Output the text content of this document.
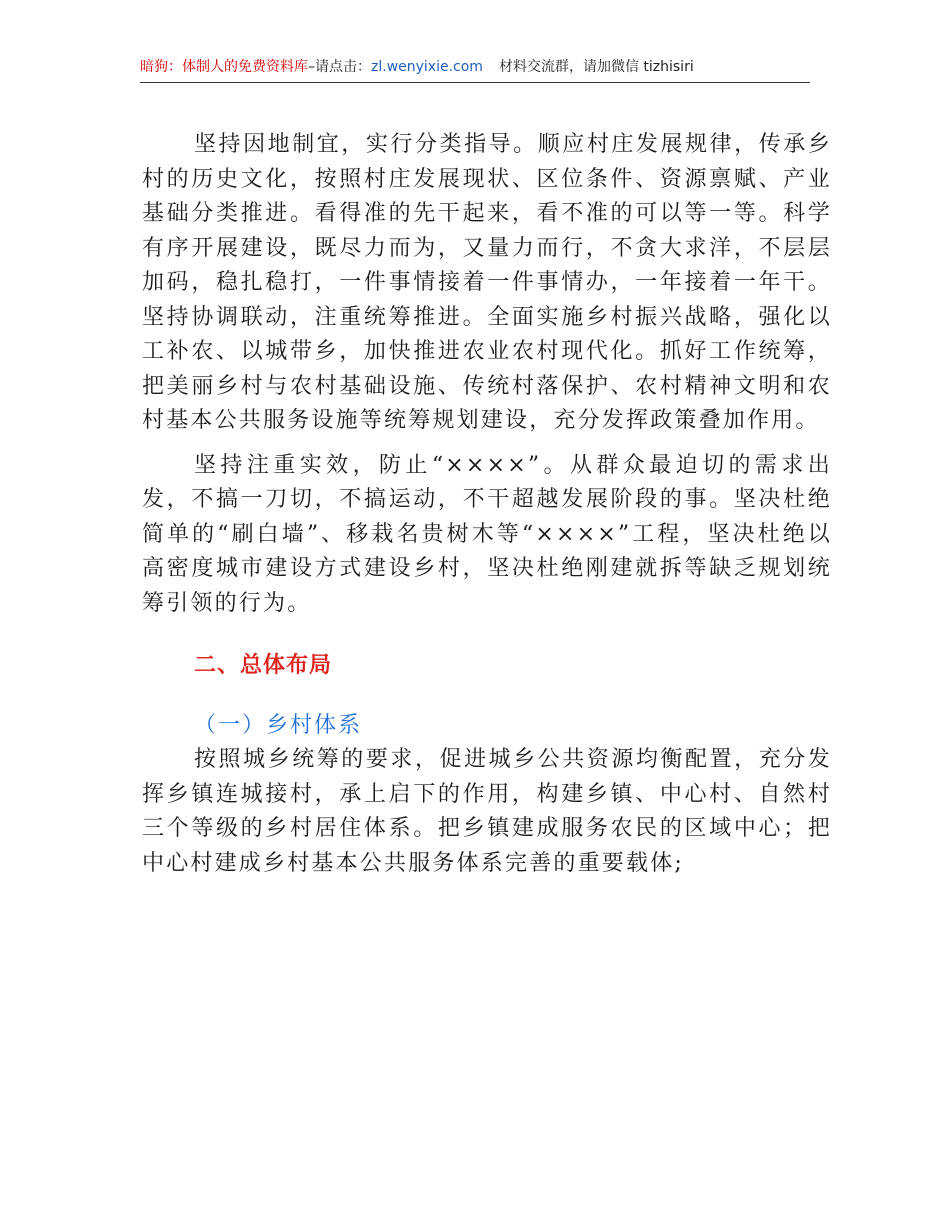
暗狗：体制人的免费资料库–请点击：zl.wenyixie.com 材料交流群，请加微信 tizhisiri

坚持因地制宜，实行分类指导。顺应村庄发展规律，传承乡村的历史文化，按照村庄发展现状、区位条件、资源禀赋、产业基础分类推进。看得准的先干起来，看不准的可以等一等。科学有序开展建设，既尽力而为，又量力而行，不贪大求洋，不层层加码，稳扎稳打，一件事情接着一件事情办，一年接着一年干。坚持协调联动，注重统筹推进。全面实施乡村振兴战略，强化以工补农、以城带乡，加快推进农业农村现代化。抓好工作统筹，把美丽乡村与农村基础设施、传统村落保护、农村精神文明和农村基本公共服务设施等统筹规划建设，充分发挥政策叠加作用。

坚持注重实效，防止“××××”。从群众最迫切的需求出发，不搞一刀切，不搞运动，不干超越发展阶段的事。坚决杜绝简单的“刷白墙”、移栽名贵树木等“××××”工程，坚决杜绝以高密度城市建设方式建设乡村，坚决杜绝刚建就拆等缺乏规划统筹引领的行为。

二、总体布局
（一）乡村体系

按照城乡统筹的要求，促进城乡公共资源均衡配置，充分发挥乡镇连城接村，承上启下的作用，构建乡镇、中心村、自然村三个等级的乡村居住体系。把乡镇建成服务农民的区域中心；把中心村建成乡村基本公共服务体系完善的重要载体;
